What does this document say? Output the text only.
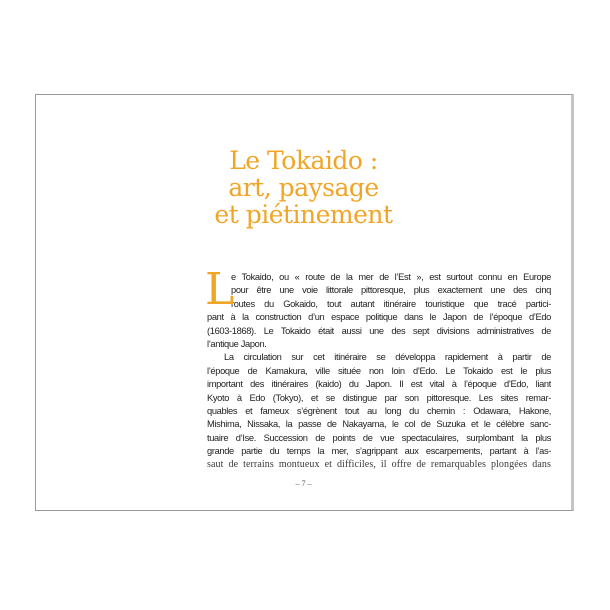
Le Tokaido :
art, paysage
et piétinement
L
e Tokaido, ou « route de la mer de l’Est », est surtout connu en Europe
pour être une voie littorale pittoresque, plus exactement une des cinq
routes du Gokaido, tout autant itinéraire touristique que tracé partici-
pant à la construction d’un espace politique dans le Japon de l’époque d’Edo
(1603-1868). Le Tokaido était aussi une des sept divisions administratives de
l’antique Japon.
La circulation sur cet itinéraire se développa rapidement à partir de
l’époque de Kamakura, ville située non loin d’Edo. Le Tokaido est le plus
important des itinéraires (kaido) du Japon. Il est vital à l’époque d’Edo, liant
Kyoto à Edo (Tokyo), et se distingue par son pittoresque. Les sites remar-
quables et fameux s’égrènent tout au long du chemin : Odawara, Hakone,
Mishima, Nissaka, la passe de Nakayama, le col de Suzuka et le célèbre sanc-
tuaire d’Ise. Succession de points de vue spectaculaires, surplombant la plus
grande partie du temps la mer, s’agrippant aux escarpements, partant à l’as-
saut de terrains montueux et difficiles, il offre de remarquables plongées dans
– 7 –
